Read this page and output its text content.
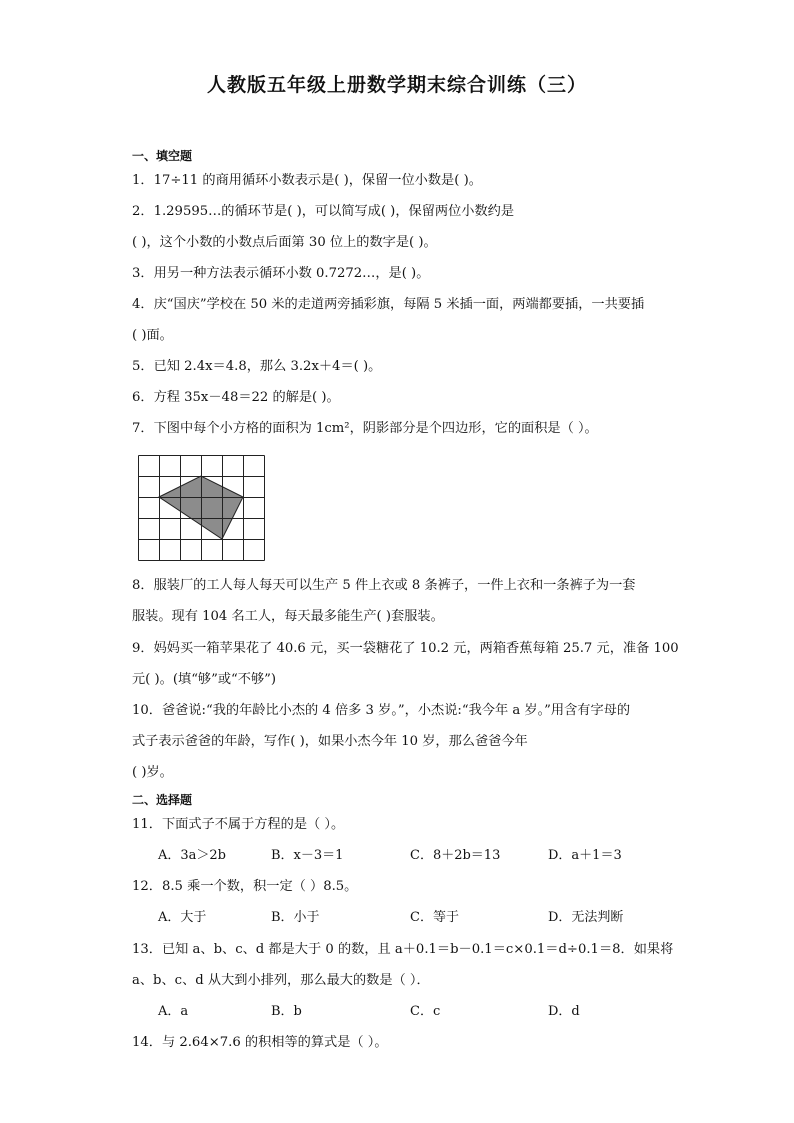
人教版五年级上册数学期末综合训练（三）
一、填空题
1．17÷11 的商用循环小数表示是( )，保留一位小数是( )。
2．1.29595…的循环节是( )，可以简写成( )，保留两位小数约是
( )，这个小数的小数点后面第 30 位上的数字是( )。
3．用另一种方法表示循环小数 0.7272…，是( )。
4．庆“国庆”学校在 50 米的走道两旁插彩旗，每隔 5 米插一面，两端都要插，一共要插
( )面。
5．已知 2.4x＝4.8，那么 3.2x＋4＝( )。
6．方程 35x－48＝22 的解是( )。
7．下图中每个小方格的面积为 1cm²，阴影部分是个四边形，它的面积是（ ）。
8．服装厂的工人每人每天可以生产 5 件上衣或 8 条裤子，一件上衣和一条裤子为一套
服装。现有 104 名工人，每天最多能生产( )套服装。
9．妈妈买一箱苹果花了 40.6 元，买一袋糖花了 10.2 元，两箱香蕉每箱 25.7 元，准备 100
元( )。(填“够”或“不够”)
10．爸爸说:“我的年龄比小杰的 4 倍多 3 岁。”，小杰说:“我今年 a 岁。”用含有字母的
式子表示爸爸的年龄，写作( )，如果小杰今年 10 岁，那么爸爸今年
( )岁。
二、选择题
11．下面式子不属于方程的是（ ）。
A．3a＞2b	B．x－3＝1	C．8＋2b＝13	D．a＋1＝3
12．8.5 乘一个数，积一定（ ）8.5。
A．大于	B．小于	C．等于	D．无法判断
13．已知 a、b、c、d 都是大于 0 的数，且 a＋0.1＝b－0.1＝c×0.1＝d÷0.1＝8．如果将
a、b、c、d 从大到小排列，那么最大的数是（ ）．
A．a	B．b	C．c	D．d
14．与 2.64×7.6 的积相等的算式是（ ）。
